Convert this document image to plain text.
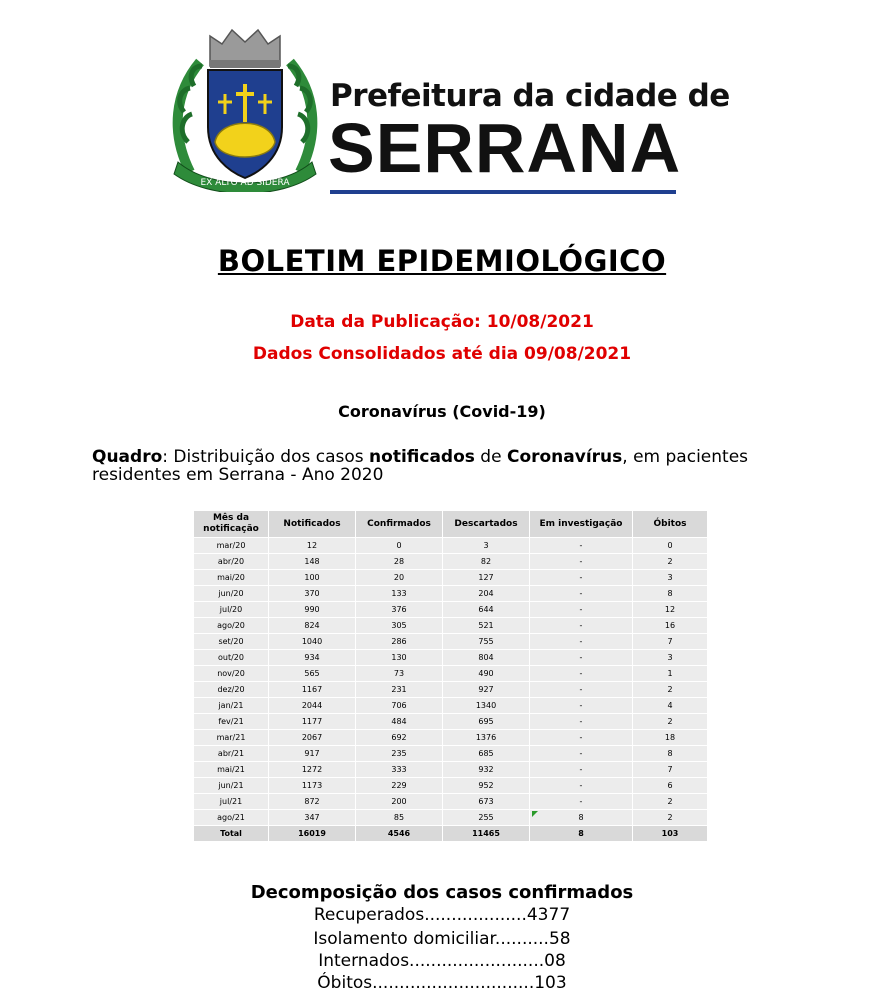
EX ALTO AD SIDERA
Prefeitura da cidade de
SERRANA
BOLETIM EPIDEMIOLÓGICO
Data da Publicação: 10/08/2021
Dados Consolidados até dia 09/08/2021
Coronavírus (Covid-19)
Quadro: Distribuição dos casos notificados de Coronavírus, em pacientes residentes em Serrana - Ano 2020
Mês da notificação	Notificados	Confirmados	Descartados	Em investigação	Óbitos
mar/20	12	0	3	-	0
abr/20	148	28	82	-	2
mai/20	100	20	127	-	3
jun/20	370	133	204	-	8
jul/20	990	376	644	-	12
ago/20	824	305	521	-	16
set/20	1040	286	755	-	7
out/20	934	130	804	-	3
nov/20	565	73	490	-	1
dez/20	1167	231	927	-	2
jan/21	2044	706	1340	-	4
fev/21	1177	484	695	-	2
mar/21	2067	692	1376	-	18
abr/21	917	235	685	-	8
mai/21	1272	333	932	-	7
jun/21	1173	229	952	-	6
jul/21	872	200	673	-	2
ago/21	347	85	255	8	2
Total	16019	4546	11465	8	103
Decomposição dos casos confirmados
Recuperados...................4377
Isolamento domiciliar..........58
Internados.........................08
Óbitos..............................103
